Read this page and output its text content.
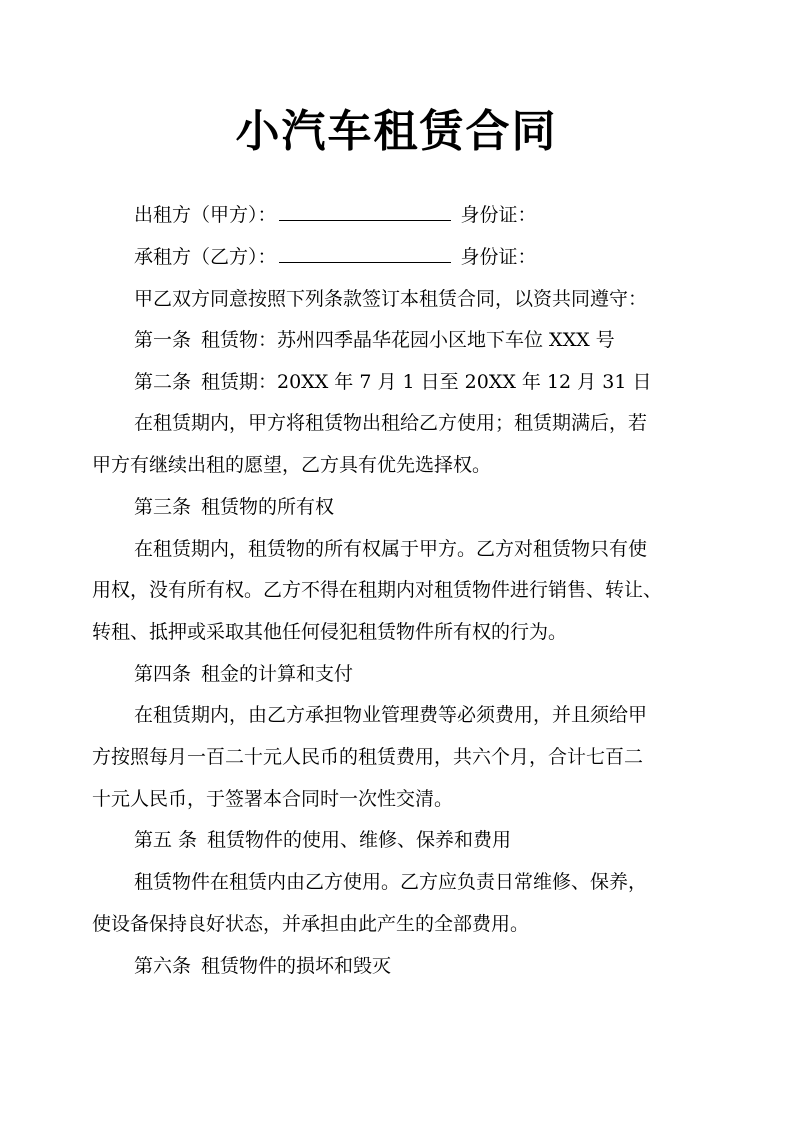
小汽车租赁合同
出租方（甲方）：	身份证：
承租方（乙方）：	身份证：
甲乙双方同意按照下列条款签订本租赁合同，以资共同遵守：
第一条 租赁物：苏州四季晶华花园小区地下车位 XXX 号
第二条 租赁期：20XX 年 7 月 1 日至 20XX 年 12 月 31 日
在租赁期内，甲方将租赁物出租给乙方使用；租赁期满后，若
甲方有继续出租的愿望，乙方具有优先选择权。
第三条 租赁物的所有权
在租赁期内，租赁物的所有权属于甲方。乙方对租赁物只有使
用权，没有所有权。乙方不得在租期内对租赁物件进行销售、转让、
转租、抵押或采取其他任何侵犯租赁物件所有权的行为。
第四条 租金的计算和支付
在租赁期内，由乙方承担物业管理费等必须费用，并且须给甲
方按照每月一百二十元人民币的租赁费用，共六个月，合计七百二
十元人民币，于签署本合同时一次性交清。
第五 条 租赁物件的使用、维修、保养和费用
租赁物件在租赁内由乙方使用。乙方应负责日常维修、保养，
使设备保持良好状态，并承担由此产生的全部费用。
第六条 租赁物件的损坏和毁灭
